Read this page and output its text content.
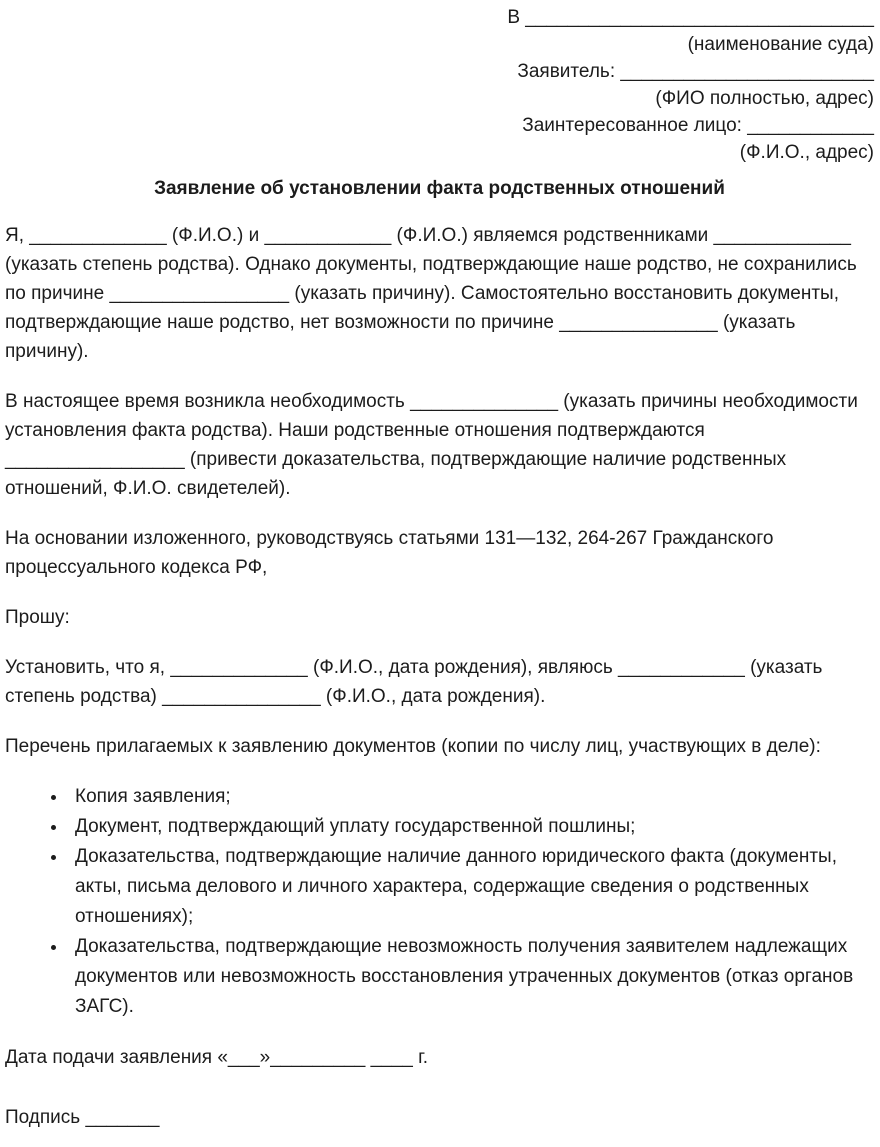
В _________________________________
(наименование суда)
Заявитель: ________________________
(ФИО полностью, адрес)
Заинтересованное лицо: ____________
(Ф.И.О., адрес)
Заявление об установлении факта родственных отношений

Я, _____________ (Ф.И.О.) и ____________ (Ф.И.О.) являемся родственниками _____________ (указать степень родства). Однако документы, подтверждающие наше родство, не сохранились по причине _________________ (указать причину). Самостоятельно восстановить документы, подтверждающие наше родство, нет возможности по причине _______________ (указать причину).

В настоящее время возникла необходимость ______________ (указать причины необходимости установления факта родства). Наши родственные отношения подтверждаются _________________ (привести доказательства, подтверждающие наличие родственных отношений, Ф.И.О. свидетелей).

На основании изложенного, руководствуясь статьями 131—132, 264-267 Гражданского процессуального кодекса РФ,

Прошу:

Установить, что я, _____________ (Ф.И.О., дата рождения), являюсь ____________ (указать степень родства) _______________ (Ф.И.О., дата рождения).

Перечень прилагаемых к заявлению документов (копии по числу лиц, участвующих в деле):

• Копия заявления;
• Документ, подтверждающий уплату государственной пошлины;
• Доказательства, подтверждающие наличие данного юридического факта (документы, акты, письма делового и личного характера, содержащие сведения о родственных отношениях);
• Доказательства, подтверждающие невозможность получения заявителем надлежащих документов или невозможность восстановления утраченных документов (отказ органов ЗАГС).

Дата подачи заявления «___»_________ ____ г.

Подпись _______
